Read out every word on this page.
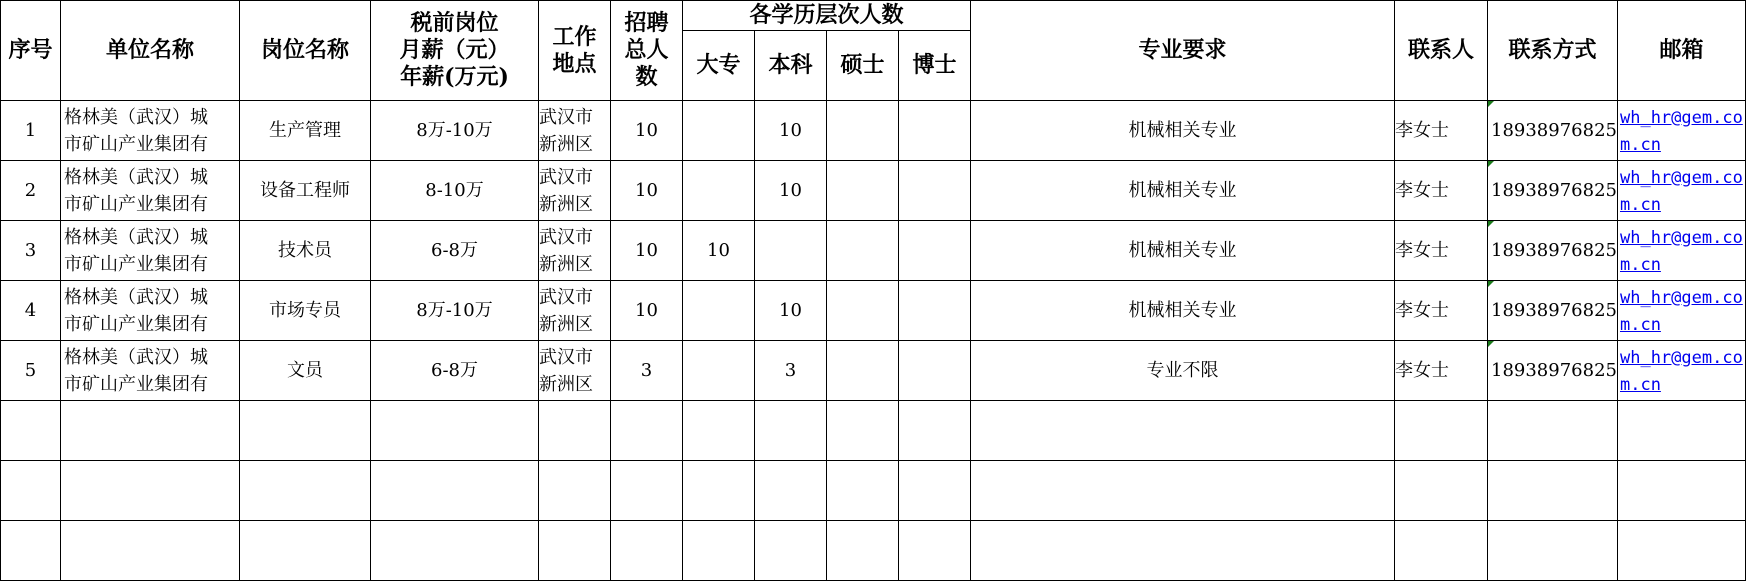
序号	单位名称	岗位名称	税前岗位
月薪（元）
年薪(万元)	工作
地点	招聘
总人
数	各学历层次人数				专业要求	联系人	联系方式	邮箱
						大专	本科	硕士	博士				
1	格林美（武汉）城
市矿山产业集团有	生产管理	8万-10万	武汉市
新洲区	10		10			机械相关专业	李女士	18938976825	wh_hr@gem.com.cn
2	格林美（武汉）城
市矿山产业集团有	设备工程师	8-10万	武汉市
新洲区	10		10			机械相关专业	李女士	18938976825	wh_hr@gem.com.cn
3	格林美（武汉）城
市矿山产业集团有	技术员	6-8万	武汉市
新洲区	10	10				机械相关专业	李女士	18938976825	wh_hr@gem.com.cn
4	格林美（武汉）城
市矿山产业集团有	市场专员	8万-10万	武汉市
新洲区	10		10			机械相关专业	李女士	18938976825	wh_hr@gem.com.cn
5	格林美（武汉）城
市矿山产业集团有	文员	6-8万	武汉市
新洲区	3		3			专业不限	李女士	18938976825	wh_hr@gem.com.cn
